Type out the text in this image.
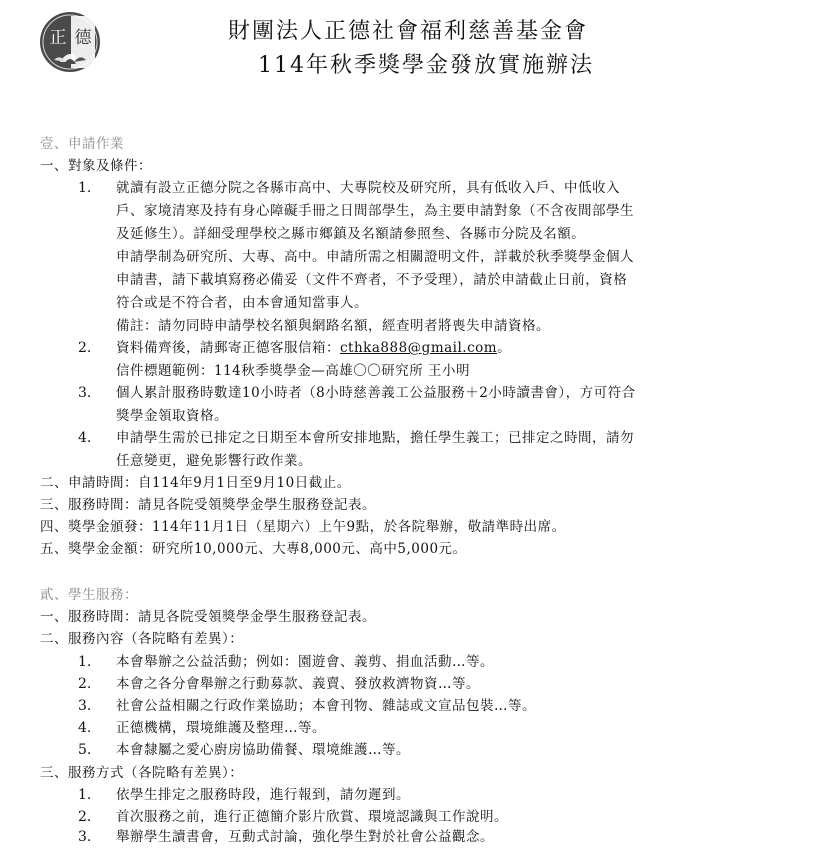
正 德	財團法人正德社會福利慈善基金會
114年秋季獎學金發放實施辦法
壹、申請作業
一、對象及條件：
1. 就讀有設立正德分院之各縣市高中、大專院校及研究所，具有低收入戶、中低收入
戶、家境清寒及持有身心障礙手冊之日間部學生，為主要申請對象（不含夜間部學生
及延修生）。詳細受理學校之縣市鄉鎮及名額請參照叁、各縣市分院及名額。
申請學制為研究所、大專、高中。申請所需之相關證明文件，詳載於秋季獎學金個人
申請書，請下載填寫務必備妥（文件不齊者，不予受理），請於申請截止日前，資格
符合或是不符合者，由本會通知當事人。
備註：請勿同時申請學校名額與網路名額，經查明者將喪失申請資格。
2. 資料備齊後，請郵寄正德客服信箱：cthka888@gmail.com。
信件標題範例：114秋季獎學金—高雄〇〇研究所 王小明
3. 個人累計服務時數達10小時者（8小時慈善義工公益服務＋2小時讀書會），方可符合
獎學金領取資格。
4. 申請學生需於已排定之日期至本會所安排地點，擔任學生義工；已排定之時間，請勿
任意變更，避免影響行政作業。
二、申請時間：自114年9月1日至9月10日截止。
三、服務時間：請見各院受領獎學金學生服務登記表。
四、獎學金頒發：114年11月1日（星期六）上午9點，於各院舉辦，敬請準時出席。
五、獎學金金額：研究所10,000元、大專8,000元、高中5,000元。
貳、學生服務：
一、服務時間：請見各院受領獎學金學生服務登記表。
二、服務內容（各院略有差異）：
1. 本會舉辦之公益活動；例如：園遊會、義剪、捐血活動…等。
2. 本會之各分會舉辦之行動募款、義賣、發放救濟物資…等。
3. 社會公益相關之行政作業協助；本會刊物、雜誌或文宣品包裝…等。
4. 正德機構，環境維護及整理…等。
5. 本會隸屬之愛心廚房協助備餐、環境維護…等。
三、服務方式（各院略有差異）：
1. 依學生排定之服務時段，進行報到，請勿遲到。
2. 首次服務之前，進行正德簡介影片欣賞、環境認識與工作說明。
3. 舉辦學生讀書會，互動式討論，強化學生對於社會公益觀念。
